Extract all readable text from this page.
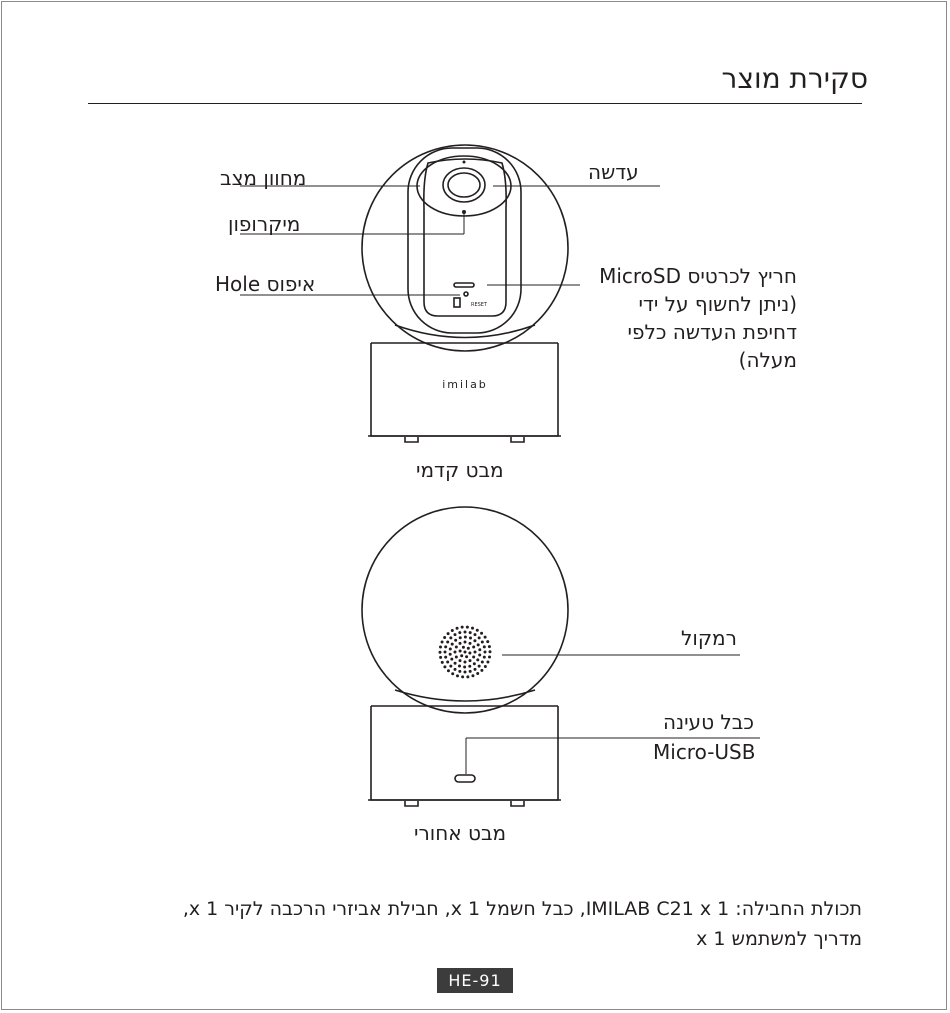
סקירת מוצר
imilab
RESET
מחוון מצב
מיקרופון
איפוס Hole
עדשה
חריץ לכרטיס MicroSD
(ניתן לחשוף על ידי
דחיפת העדשה כלפי
מעלה)
מבט קדמי
רמקול
כבל טעינה
Micro-USB
מבט אחורי
תכולת החבילה: IMILAB C21 x 1, כבל חשמל x 1, חבילת אביזרי הרכבה לקיר x 1,
מדריך למשתמש x 1
HE-91
